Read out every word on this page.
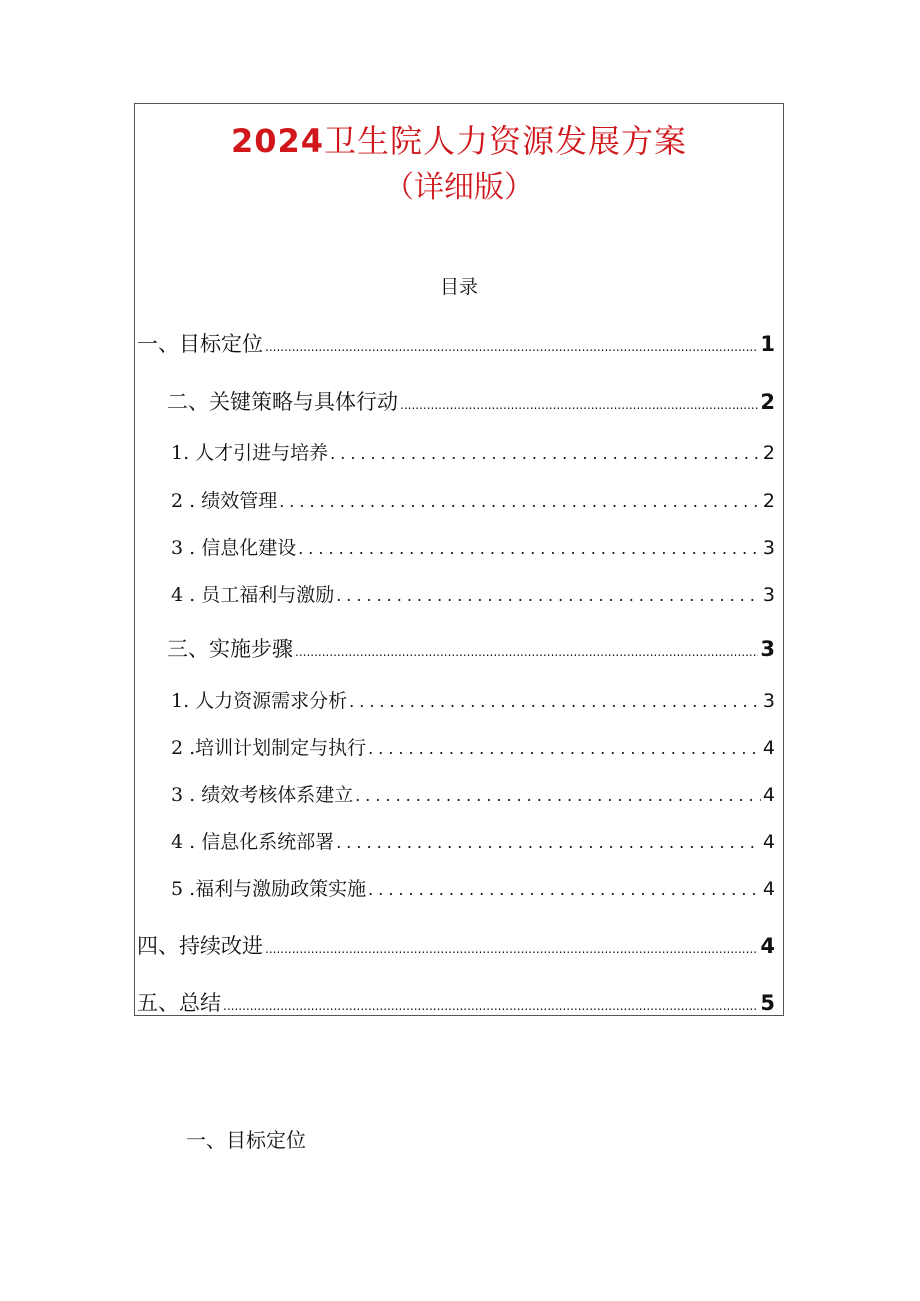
2024卫生院人力资源发展方案
（详细版）
目录
一、目标定位 .....	1
二、关键策略与具体行动 .....	2
1. 人才引进与培养 .....	2
2 . 绩效管理 .....	2
3 . 信息化建设 .....	3
4 . 员工福利与激励 .....	3
三、实施步骤 .....	3
1. 人力资源需求分析 .....	3
2 .培训计划制定与执行 .....	4
3 . 绩效考核体系建立 .....	4
4 . 信息化系统部署 .....	4
5 .福利与激励政策实施 .....	4
四、持续改进 .....	4
五、总结 .....	5
一、目标定位
